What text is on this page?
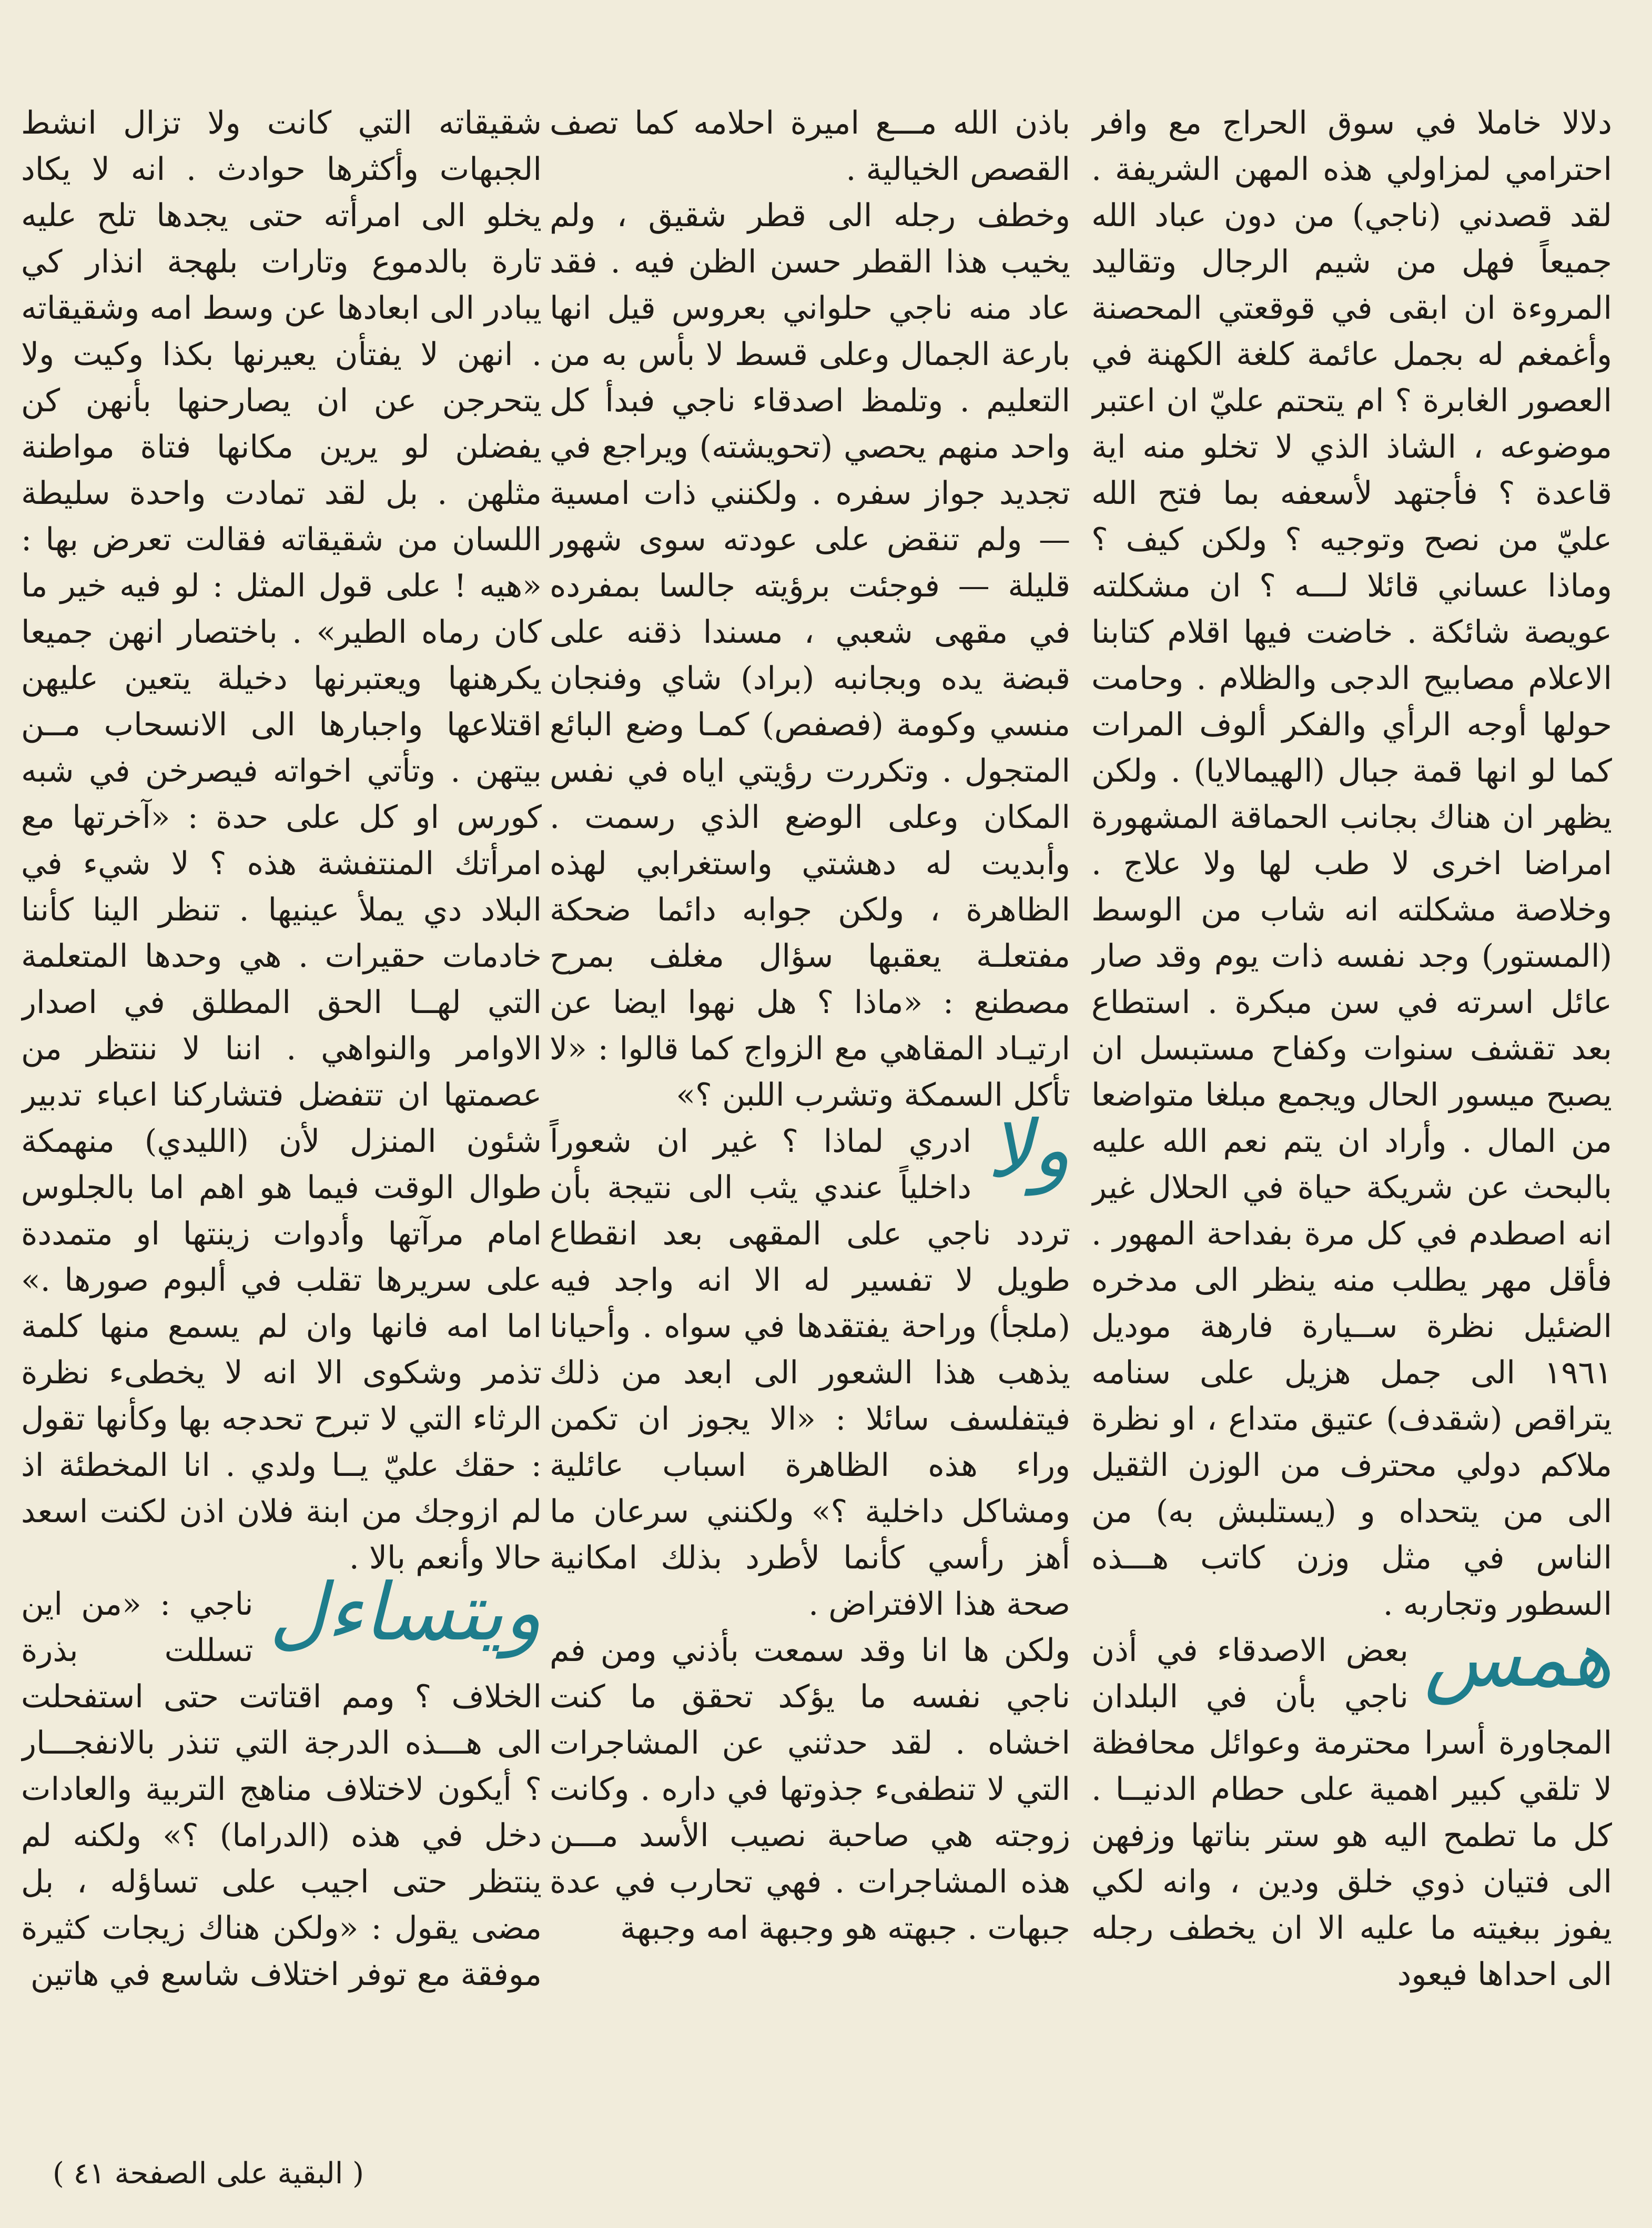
دلالا خاملا في سوق الحراج مع وافر احترامي لمزاولي هذه المهن الشريفة . لقد قصدني (ناجي) من دون عباد الله جميعاً فهل من شيم الرجال وتقاليد المروءة ان ابقى في قوقعتي المحصنة وأغمغم له بجمل عائمة كلغة الكهنة في العصور الغابرة ؟ ام يتحتم عليّ ان اعتبر موضوعه ، الشاذ الذي لا تخلو منه اية قاعدة ؟ فأجتهد لأسعفه بما فتح الله عليّ من نصح وتوجيه ؟ ولكن كيف ؟ وماذا عساني قائلا لـــه ؟ ان مشكلته عويصة شائكة . خاضت فيها اقلام كتابنا الاعلام مصابيح الدجى والظلام . وحامت حولها أوجه الرأي والفكر ألوف المرات كما لو انها قمة جبال (الهيمالايا) . ولكن يظهر ان هناك بجانب الحماقة المشهورة امراضا اخرى لا طب لها ولا علاج . وخلاصة مشكلته انه شاب من الوسط (المستور) وجد نفسه ذات يوم وقد صار عائل اسرته في سن مبكرة . استطاع بعد تقشف سنوات وكفاح مستبسل ان يصبح ميسور الحال ويجمع مبلغا متواضعا من المال . وأراد ان يتم نعم الله عليه بالبحث عن شريكة حياة في الحلال غير انه اصطدم في كل مرة بفداحة المهور . فأقل مهر يطلب منه ينظر الى مدخره الضئيل نظرة ســيارة فارهة موديل ١٩٦١ الى جمل هزيل على سنامه يتراقص (شقدف) عتيق متداع ، او نظرة ملاكم دولي محترف من الوزن الثقيل الى من يتحداه و (يستلبش به) من الناس في مثل وزن كاتب هـــذه السطور وتجاربه .

همس
بعض الاصدقاء في أذن ناجي بأن في البلدان المجاورة أسرا محترمة وعوائل محافظة لا تلقي كبير اهمية على حطام الدنيــا . كل ما تطمح اليه هو ستر بناتها وزفهن الى فتيان ذوي خلق ودين ، وانه لكي يفوز ببغيته ما عليه الا ان يخطف رجله الى احداها فيعود

باذن الله مـــع اميرة احلامه كما تصف القصص الخيالية .

وخطف رجله الى قطر شقيق ، ولم يخيب هذا القطر حسن الظن فيه . فقد عاد منه ناجي حلواني بعروس قيل انها بارعة الجمال وعلى قسط لا بأس به من التعليم . وتلمظ اصدقاء ناجي فبدأ كل واحد منهم يحصي (تحويشته) ويراجع في تجديد جواز سفره . ولكنني ذات امسية — ولم تنقض على عودته سوى شهور قليلة — فوجئت برؤيته جالسا بمفرده في مقهى شعبي ، مسندا ذقنه على قبضة يده وبجانبه (براد) شاي وفنجان منسي وكومة (فصفص) كمـا وضع البائع المتجول . وتكررت رؤيتي اياه في نفس المكان وعلى الوضع الذي رسمت . وأبديت له دهشتي واستغرابي لهذه الظاهرة ، ولكن جوابه دائما ضحكة مفتعلـة يعقبها سؤال مغلف بمرح مصطنع : «ماذا ؟ هل نهوا ايضا عن ارتيـاد المقاهي مع الزواج كما قالوا : «لا تأكل السمكة وتشرب اللبن ؟»

ولا
ادري لماذا ؟ غير ان شعوراً داخلياً عندي يثب الى نتيجة بأن تردد ناجي على المقهى بعد انقطاع طويل لا تفسير له الا انه واجد فيه (ملجأ) وراحة يفتقدها في سواه . وأحيانا يذهب هذا الشعور الى ابعد من ذلك فيتفلسف سائلا : «الا يجوز ان تكمن وراء هذه الظاهرة اسباب عائلية ومشاكل داخلية ؟» ولكنني سرعان ما أهز رأسي كأنما لأطرد بذلك امكانية صحة هذا الافتراض .

ولكن ها انا وقد سمعت بأذني ومن فم ناجي نفسه ما يؤكد تحقق ما كنت اخشاه . لقد حدثني عن المشاجرات التي لا تنطفىء جذوتها في داره . وكانت زوجته هي صاحبة نصيب الأسد مـــن هذه المشاجرات . فهي تحارب في عدة جبهات . جبهته هو وجبهة امه وجبهة

شقيقاته التي كانت ولا تزال انشط الجبهات وأكثرها حوادث . انه لا يكاد يخلو الى امرأته حتى يجدها تلح عليه تارة بالدموع وتارات بلهجة انذار كي يبادر الى ابعادها عن وسط امه وشقيقاته . انهن لا يفتأن يعيرنها بكذا وكيت ولا يتحرجن عن ان يصارحنها بأنهن كن يفضلن لو يرين مكانها فتاة مواطنة مثلهن . بل لقد تمادت واحدة سليطة اللسان من شقيقاته فقالت تعرض بها : «هيه ! على قول المثل : لو فيه خير ما كان رماه الطير» . باختصار انهن جميعا يكرهنها ويعتبرنها دخيلة يتعين عليهن اقتلاعها واجبارها الى الانسحاب مــن بيتهن . وتأتي اخواته فيصرخن في شبه كورس او كل على حدة : «آخرتها مع امرأتك المنتفشة هذه ؟ لا شيء في البلاد دي يملأ عينيها . تنظر الينا كأننا خادمات حقيرات . هي وحدها المتعلمة التي لهــا الحق المطلق في اصدار الاوامر والنواهي . اننا لا ننتظر من عصمتها ان تتفضل فتشاركنا اعباء تدبير شئون المنزل لأن (الليدي) منهمكة طوال الوقت فيما هو اهم اما بالجلوس امام مرآتها وأدوات زينتها او متمددة على سريرها تقلب في ألبوم صورها .» اما امه فانها وان لم يسمع منها كلمة تذمر وشكوى الا انه لا يخطىء نظرة الرثاء التي لا تبرح تحدجه بها وكأنها تقول : حقك عليّ يــا ولدي . انا المخطئة اذ لم ازوجك من ابنة فلان اذن لكنت اسعد حالا وأنعم بالا .

ويتساءل
ناجي : «من اين تسللت بذرة الخلاف ؟ ومم اقتاتت حتى استفحلت الى هـــذه الدرجة التي تنذر بالانفجـــار ؟ أيكون لاختلاف مناهج التربية والعادات دخل في هذه (الدراما) ؟» ولكنه لم ينتظر حتى اجيب على تساؤله ، بل مضى يقول : «ولكن هناك زيجات كثيرة موفقة مع توفر اختلاف شاسع في هاتين

( البقية على الصفحة ٤١ )
